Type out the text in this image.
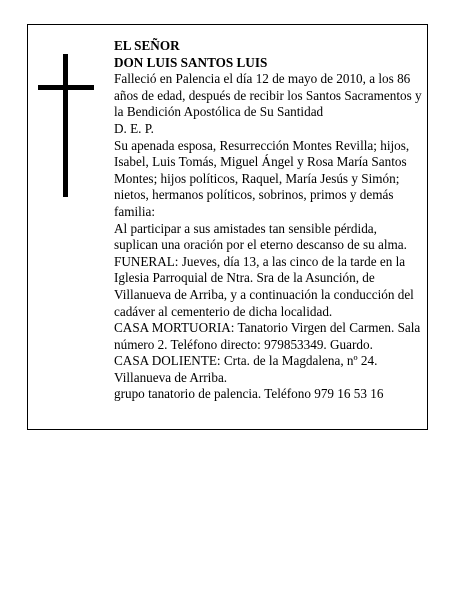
EL SEÑOR

DON LUIS SANTOS LUIS

Falleció en Palencia el día 12 de mayo de 2010, a los 86 años de edad, después de recibir los Santos Sacramentos y la Bendición Apostólica de Su Santidad

D. E. P.

Su apenada esposa, Resurrección Montes Revilla; hijos, Isabel, Luis Tomás, Miguel Ángel y Rosa María Santos Montes; hijos políticos, Raquel, María Jesús y Simón; nietos, hermanos políticos, sobrinos, primos y demás familia:

Al participar a sus amistades tan sensible pérdida, suplican una oración por el eterno descanso de su alma.

FUNERAL: Jueves, día 13, a las cinco de la tarde en la Iglesia Parroquial de Ntra. Sra de la Asunción, de Villanueva de Arriba, y a continuación la conducción del cadáver al cementerio de dicha localidad.

CASA MORTUORIA: Tanatorio Virgen del Carmen. Sala número 2. Teléfono directo: 979853349. Guardo.

CASA DOLIENTE: Crta. de la Magdalena, nº 24. Villanueva de Arriba.

grupo tanatorio de palencia. Teléfono 979 16 53 16
